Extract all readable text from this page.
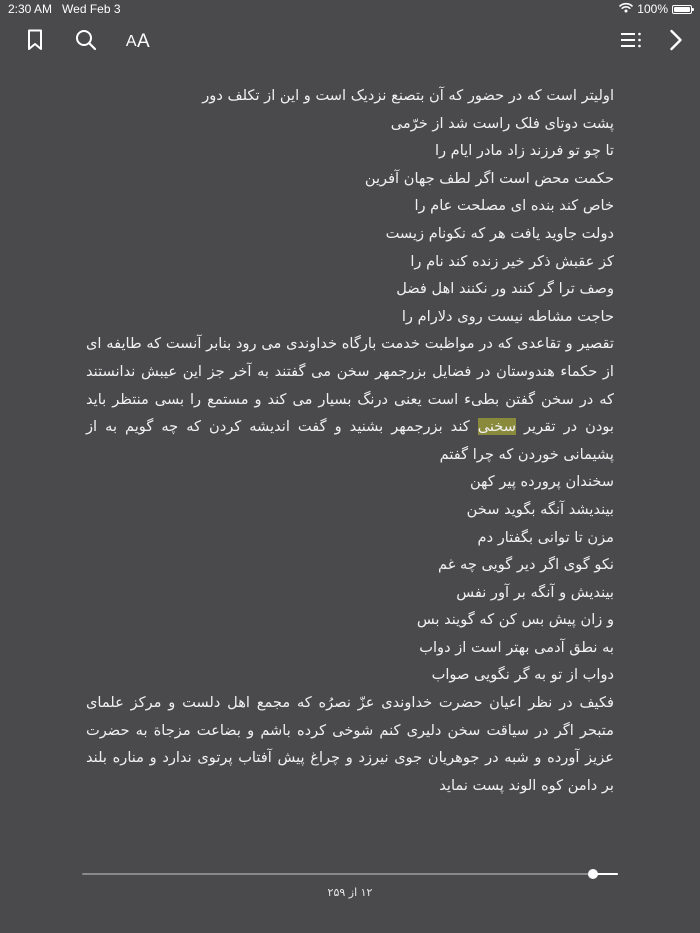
2:30 AM Wed Feb 3	100%
A A

اولیتر است که در حضور که آن بتصنع نزدیک است و این از تکلف دور

پشت دوتای فلک راست شد از خرّمی

تا چو تو فرزند زاد مادر ایام را

حکمت محض است اگر لطف جهان آفرین

خاص کند بنده ای مصلحت عام را

دولت جاوید یافت هر که نکونام زیست

کز عقبش ذکر خیر زنده کند نام را

وصف ترا گر کنند ور نکنند اهل فضل

حاجت مشاطه نیست روی دلارام را

تقصیر و تقاعدی که در مواظبت خدمت بارگاه خداوندی می رود بنابر آنست که طایفه ای از حکماء هندوستان در فضایل بزرجمهر سخن می گفتند به آخر جز این عیبش ندانستند که در سخن گفتن بطیء است یعنی درنگ بسیار می کند و مستمع را بسی منتظر باید بودن در تقریر سخنی کند بزرجمهر بشنید و گفت اندیشه کردن که چه گویم به از پشیمانی خوردن که چرا گفتم

سخندان پرورده پیر کهن

بیندیشد آنگه بگوید سخن

مزن تا توانی بگفتار دم

نکو گوی اگر دیر گویی چه غم

بیندیش و آنگه بر آور نفس

و زان پیش بس کن که گویند بس

به نطق آدمی بهتر است از دواب

دواب از تو به گر نگویی صواب

فکیف در نظر اعیان حضرت خداوندی عزّ نصرُه که مجمع اهل دلست و مرکز علمای متبحر اگر در سیاقت سخن دلیری کنم شوخی کرده باشم و بضاعت مزجاة به حضرت عزیز آورده و شبه در جوهریان جوی نیرزد و چراغ پیش آفتاب پرتوی ندارد و مناره بلند بر دامن کوه الوند پست نماید

۱۲ از ۲۵۹
